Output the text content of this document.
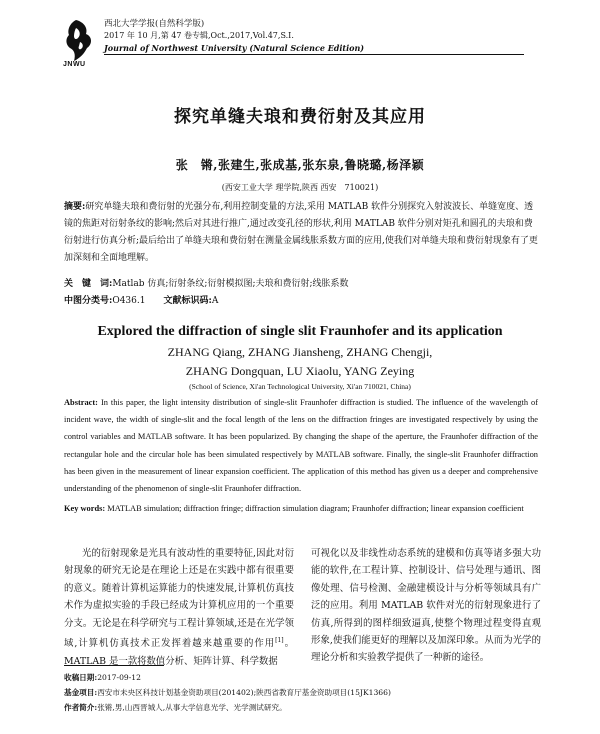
JNWU
西北大学学报(自然科学版)
2017 年 10 月,第 47 卷专辑,Oct.,2017,Vol.47,S.I.
Journal of Northwest University (Natural Science Edition)
探究单缝夫琅和费衍射及其应用
张　锵,张建生,张成基,张东泉,鲁晓璐,杨泽颖
(西安工业大学 理学院,陕西 西安　710021)
摘要:研究单缝夫琅和费衍射的光强分布,利用控制变量的方法,采用 MATLAB 软件分别探究入射波波长、单缝宽度、透镜的焦距对衍射条纹的影响;然后对其进行推广,通过改变孔径的形状,利用 MATLAB 软件分别对矩孔和圆孔的夫琅和费衍射进行仿真分析;最后给出了单缝夫琅和费衍射在测量金属线胀系数方面的应用,使我们对单缝夫琅和费衍射现象有了更加深刻和全面地理解。
关　键　词:Matlab 仿真;衍射条纹;衍射模拟图;夫琅和费衍射;线胀系数
中图分类号:O436.1 文献标识码:A
Explored the diffraction of single slit Fraunhofer and its application
ZHANG Qiang, ZHANG Jiansheng, ZHANG Chengji,
ZHANG Dongquan, LU Xiaolu, YANG Zeying
(School of Science, Xi'an Technological University, Xi'an 710021, China)
Abstract: In this paper, the light intensity distribution of single-slit Fraunhofer diffraction is studied. The influence of the wavelength of incident wave, the width of single-slit and the focal length of the lens on the diffraction fringes are investigated respectively by using the control variables and MATLAB software. It has been popularized. By changing the shape of the aperture, the Fraunhofer diffraction of the rectangular hole and the circular hole has been simulated respectively by MATLAB software. Finally, the single-slit Fraunhofer diffraction has been given in the measurement of linear expansion coefficient. The application of this method has given us a deeper and comprehensive understanding of the phenomenon of single-slit Fraunhofer diffraction.
Key words: MATLAB simulation; diffraction fringe; diffraction simulation diagram; Fraunhofer diffraction; linear expansion coefficient
光的衍射现象是光具有波动性的重要特征,因此对衍射现象的研究无论是在理论上还是在实践中都有很重要的意义。随着计算机运算能力的快速发展,计算机仿真技术作为虚拟实验的手段已经成为计算机应用的一个重要分支。无论是在科学研究与工程计算领域,还是在光学领域,计算机仿真技术正发挥着越来越重要的作用[1]。MATLAB 是一款将数值分析、矩阵计算、科学数据
可视化以及非线性动态系统的建模和仿真等诸多强大功能的软件,在工程计算、控制设计、信号处理与通讯、图像处理、信号检测、金融建模设计与分析等领域具有广泛的应用。利用 MATLAB 软件对光的衍射现象进行了仿真,所得到的图样细致逼真,使整个物理过程变得直观形象,使我们能更好的理解以及加深印象。从而为光学的理论分析和实验教学提供了一种新的途径。
收稿日期:2017-09-12
基金项目:西安市未央区科技计划基金资助项目(201402);陕西省教育厅基金资助项目(15JK1366)
作者简介:张锵,男,山西晋城人,从事大学信息光学、光学测试研究。
